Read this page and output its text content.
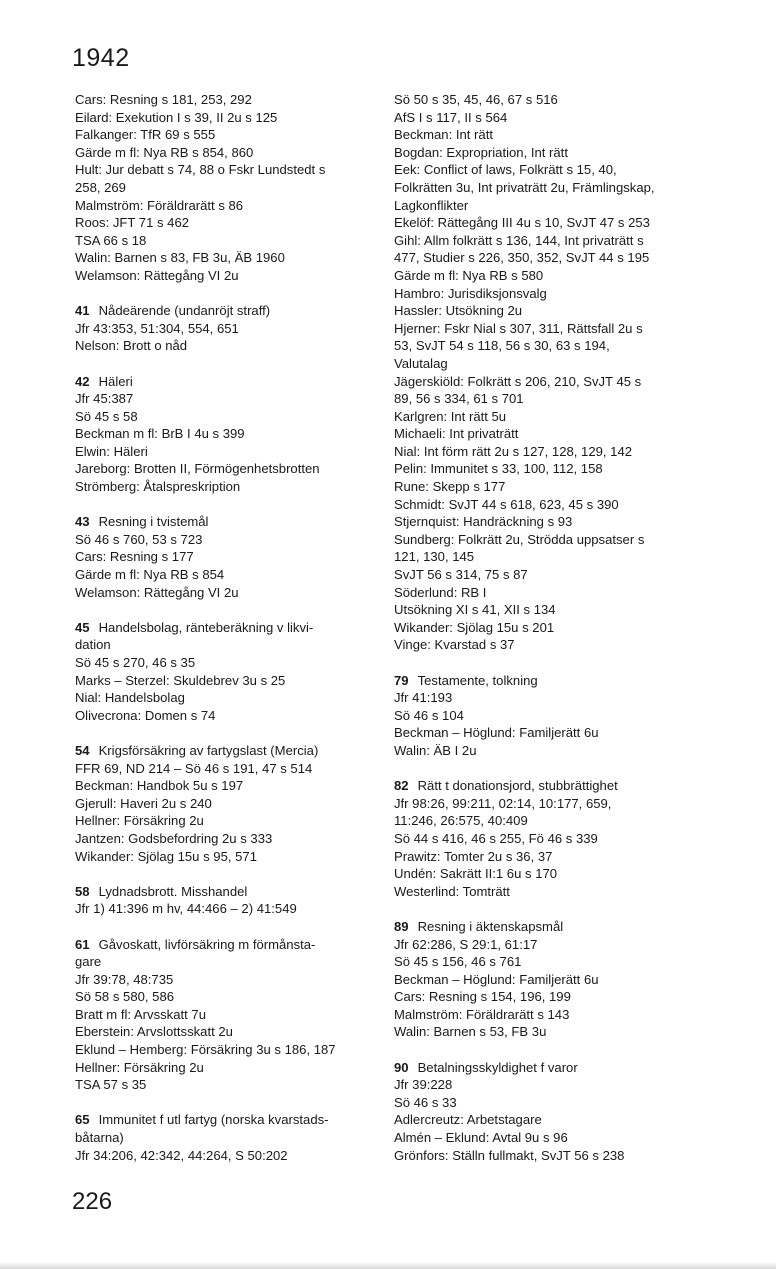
1942
Cars: Resning s 181, 253, 292
Eilard: Exekution I s 39, II 2u s 125
Falkanger: TfR 69 s 555
Gärde m fl: Nya RB s 854, 860
Hult: Jur debatt s 74, 88 o Fskr Lundstedt s
258, 269
Malmström: Föräldrarätt s 86
Roos: JFT 71 s 462
TSA 66 s 18
Walin: Barnen s 83, FB 3u, ÄB 1960
Welamson: Rättegång VI 2u
41 Nådeärende (undanröjt straff)
Jfr 43:353, 51:304, 554, 651
Nelson: Brott o nåd
42 Häleri
Jfr 45:387
Sö 45 s 58
Beckman m fl: BrB I 4u s 399
Elwin: Häleri
Jareborg: Brotten II, Förmögenhetsbrotten
Strömberg: Åtalspreskription
43 Resning i tvistemål
Sö 46 s 760, 53 s 723
Cars: Resning s 177
Gärde m fl: Nya RB s 854
Welamson: Rättegång VI 2u
45 Handelsbolag, ränteberäkning v likvi-
dation
Sö 45 s 270, 46 s 35
Marks – Sterzel: Skuldebrev 3u s 25
Nial: Handelsbolag
Olivecrona: Domen s 74
54 Krigsförsäkring av fartygslast (Mercia)
FFR 69, ND 214 – Sö 46 s 191, 47 s 514
Beckman: Handbok 5u s 197
Gjerull: Haveri 2u s 240
Hellner: Försäkring 2u
Jantzen: Godsbefordring 2u s 333
Wikander: Sjölag 15u s 95, 571
58 Lydnadsbrott. Misshandel
Jfr 1) 41:396 m hv, 44:466 – 2) 41:549
61 Gåvoskatt, livförsäkring m förmånsta-
gare
Jfr 39:78, 48:735
Sö 58 s 580, 586
Bratt m fl: Arvsskatt 7u
Eberstein: Arvslottsskatt 2u
Eklund – Hemberg: Försäkring 3u s 186, 187
Hellner: Försäkring 2u
TSA 57 s 35
65 Immunitet f utl fartyg (norska kvarstads-
båtarna)
Jfr 34:206, 42:342, 44:264, S 50:202
Sö 50 s 35, 45, 46, 67 s 516
AfS I s 117, II s 564
Beckman: Int rätt
Bogdan: Expropriation, Int rätt
Eek: Conflict of laws, Folkrätt s 15, 40,
Folkrätten 3u, Int privaträtt 2u, Främlingskap,
Lagkonflikter
Ekelöf: Rättegång III 4u s 10, SvJT 47 s 253
Gihl: Allm folkrätt s 136, 144, Int privaträtt s
477, Studier s 226, 350, 352, SvJT 44 s 195
Gärde m fl: Nya RB s 580
Hambro: Jurisdiksjonsvalg
Hassler: Utsökning 2u
Hjerner: Fskr Nial s 307, 311, Rättsfall 2u s
53, SvJT 54 s 118, 56 s 30, 63 s 194,
Valutalag
Jägerskiöld: Folkrätt s 206, 210, SvJT 45 s
89, 56 s 334, 61 s 701
Karlgren: Int rätt 5u
Michaeli: Int privaträtt
Nial: Int förm rätt 2u s 127, 128, 129, 142
Pelin: Immunitet s 33, 100, 112, 158
Rune: Skepp s 177
Schmidt: SvJT 44 s 618, 623, 45 s 390
Stjernquist: Handräckning s 93
Sundberg: Folkrätt 2u, Strödda uppsatser s
121, 130, 145
SvJT 56 s 314, 75 s 87
Söderlund: RB I
Utsökning XI s 41, XII s 134
Wikander: Sjölag 15u s 201
Vinge: Kvarstad s 37
79 Testamente, tolkning
Jfr 41:193
Sö 46 s 104
Beckman – Höglund: Familjerätt 6u
Walin: ÄB I 2u
82 Rätt t donationsjord, stubbrättighet
Jfr 98:26, 99:211, 02:14, 10:177, 659,
11:246, 26:575, 40:409
Sö 44 s 416, 46 s 255, Fö 46 s 339
Prawitz: Tomter 2u s 36, 37
Undén: Sakrätt II:1 6u s 170
Westerlind: Tomträtt
89 Resning i äktenskapsmål
Jfr 62:286, S 29:1, 61:17
Sö 45 s 156, 46 s 761
Beckman – Höglund: Familjerätt 6u
Cars: Resning s 154, 196, 199
Malmström: Föräldrarätt s 143
Walin: Barnen s 53, FB 3u
90 Betalningsskyldighet f varor
Jfr 39:228
Sö 46 s 33
Adlercreutz: Arbetstagare
Almén – Eklund: Avtal 9u s 96
Grönfors: Ställn fullmakt, SvJT 56 s 238
226
